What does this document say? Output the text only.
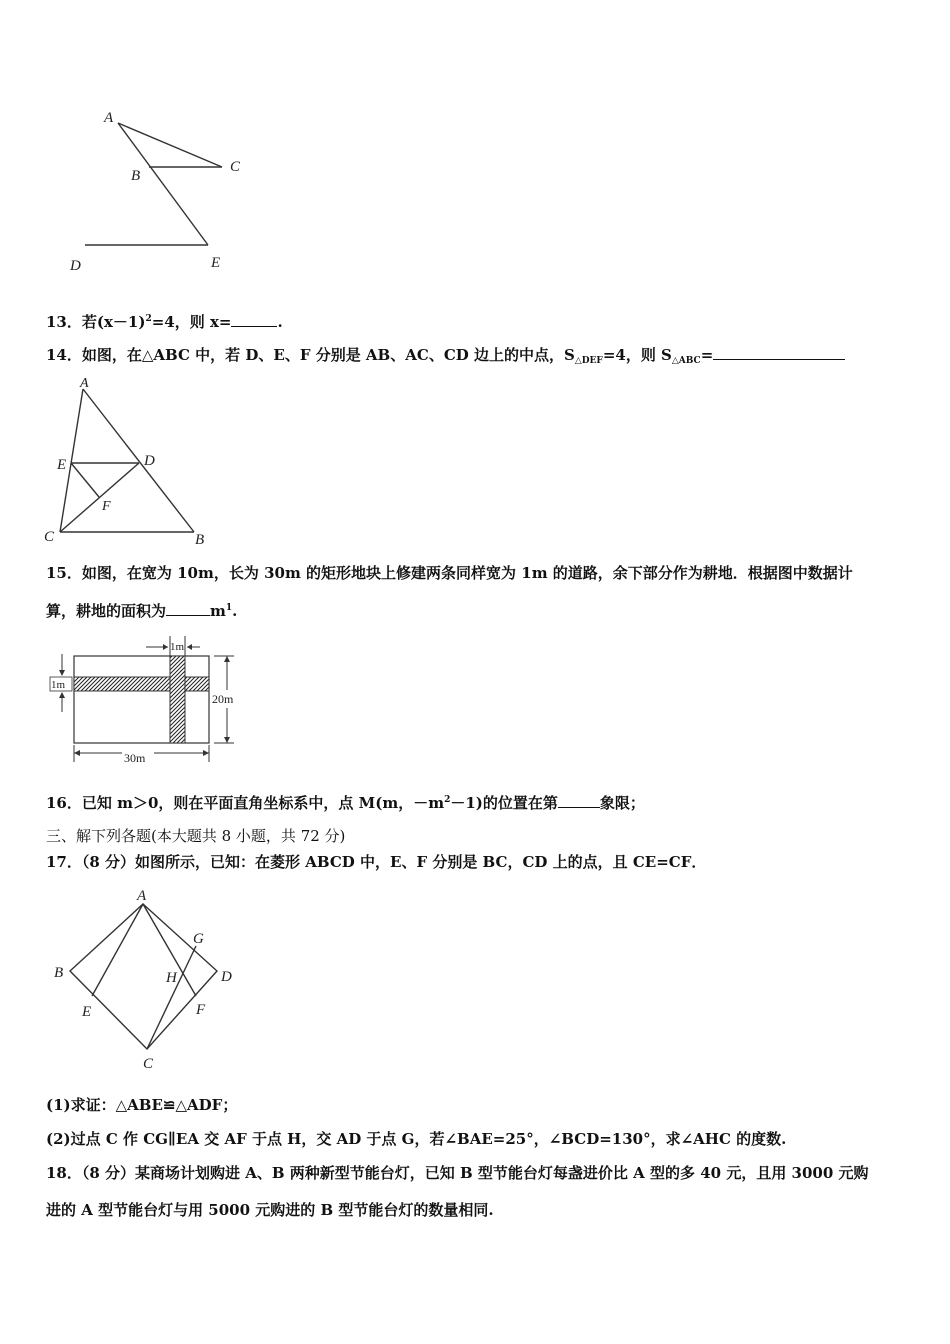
A
B
C
D	E
13．若$(x-1)^2=4$，则 x=	.
14．如图，在△ABC 中，若 D、E、F 分别是 AB、AC、CD 边上的中点，$S_{\triangle DEF}=4$，则 $S_{\triangle ABC}=$
A
E	D
F
C	B
15．如图，在宽为 10m，长为 30m 的矩形地块上修建两条同样宽为 1m 的道路，余下部分作为耕地．根据图中数据计
算，耕地的面积为	$m^1$.
1m
1m
20m
30m
16．已知 m＞0，则在平面直角坐标系中，点 M(m，$-m^2-1$)的位置在第	象限；
三、解下列各题(本大题共 8 小题，共 72 分)
17．（8 分）如图所示，已知：在菱形 ABCD 中，E、F 分别是 BC，CD 上的点，且 CE=CF．
A
G
B	H	D
E	F
C
(1)求证：△ABE≌△ADF；
(2)过点 C 作 CG∥EA 交 AF 于点 H，交 AD 于点 G，若∠BAE=25°，∠BCD=130°，求∠AHC 的度数.
18．（8 分）某商场计划购进 A、B 两种新型节能台灯，已知 B 型节能台灯每盏进价比 A 型的多 40 元，且用 3000 元购
进的 A 型节能台灯与用 5000 元购进的 B 型节能台灯的数量相同.
